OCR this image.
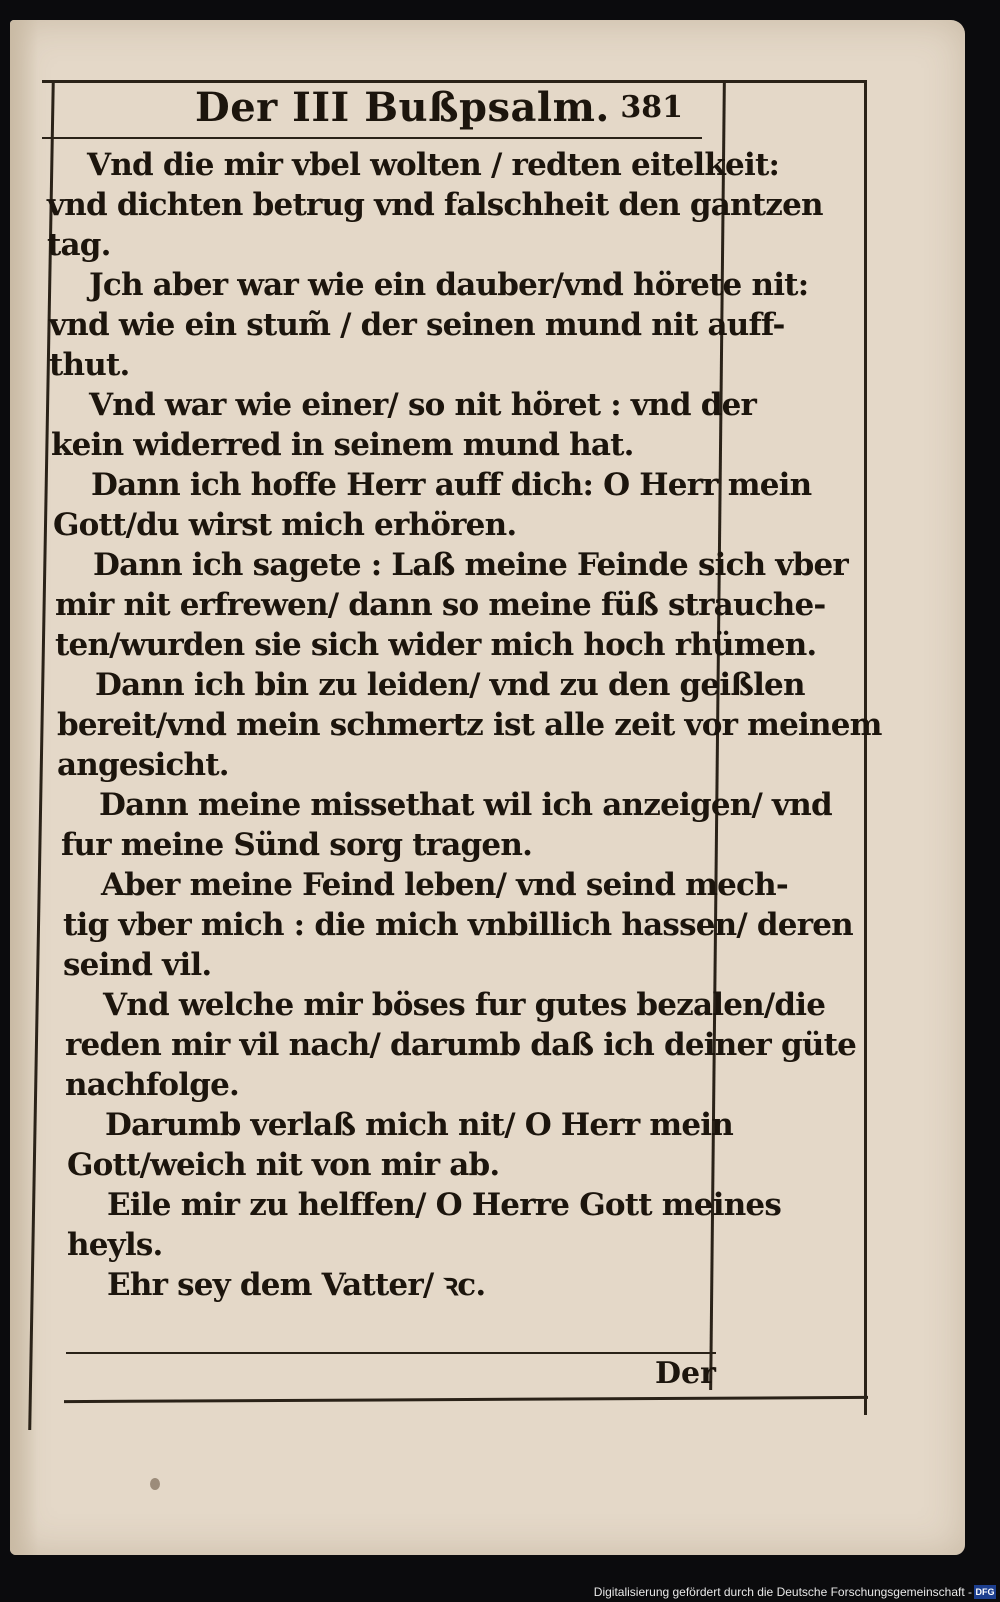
Der III Bußpsalm. 381
Vnd die mir vbel wolten / redten eitelkeit:
vnd dichten betrug vnd falschheit den gantzen
tag.
Jch aber war wie ein dauber/vnd hörete nit:
vnd wie ein stum̃ / der seinen mund nit auff-
thut.
Vnd war wie einer/ so nit höret : vnd der
kein widerred in seinem mund hat.
Dann ich hoffe Herr auff dich: O Herr mein
Gott/du wirst mich erhören.
Dann ich sagete : Laß meine Feinde sich vber
mir nit erfrewen/ dann so meine füß strauche-
ten/wurden sie sich wider mich hoch rhümen.
Dann ich bin zu leiden/ vnd zu den geißlen
bereit/vnd mein schmertz ist alle zeit vor meinem
angesicht.
Dann meine missethat wil ich anzeigen/ vnd
fur meine Sünd sorg tragen.
Aber meine Feind leben/ vnd seind mech-
tig vber mich : die mich vnbillich hassen/ deren
seind vil.
Vnd welche mir böses fur gutes bezalen/die
reden mir vil nach/ darumb daß ich deiner güte
nachfolge.
Darumb verlaß mich nit/ O Herr mein
Gott/weich nit von mir ab.
Eile mir zu helffen/ O Herre Gott meines
heyls.
Ehr sey dem Vatter/ ꝛc.
Der
Digitalisierung gefördert durch die Deutsche Forschungsgemeinschaft - DFG
